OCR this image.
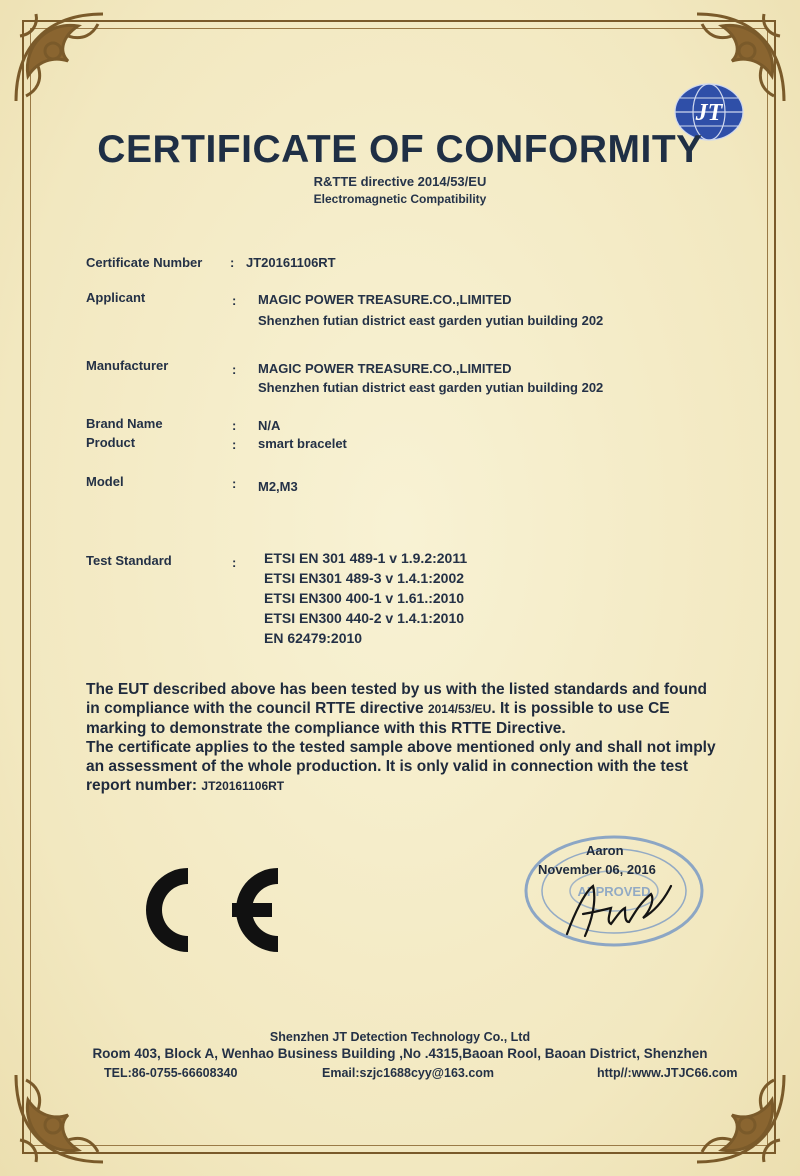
JT
CERTIFICATE OF CONFORMITY
R&TTE directive 2014/53/EU
Electromagnetic Compatibility
Certificate Number : JT20161106RT
Applicant	: MAGIC POWER TREASURE.CO.,LIMITED
Shenzhen futian district east garden yutian building 202
Manufacturer	: MAGIC POWER TREASURE.CO.,LIMITED
Shenzhen futian district east garden yutian building 202
Brand Name	: N/A
Product	: smart bracelet
Model	: M2,M3
Test Standard	: ETSI EN 301 489-1 v 1.9.2:2011
ETSI EN301 489-3 v 1.4.1:2002
ETSI EN300 400-1 v 1.61.:2010
ETSI EN300 440-2 v 1.4.1:2010
EN 62479:2010
The EUT described above has been tested by us with the listed standards and found
in compliance with the council RTTE directive 2014/53/EU. It is possible to use CE
marking to demonstrate the compliance with this RTTE Directive.
The certificate applies to the tested sample above mentioned only and shall not imply
an assessment of the whole production. It is only valid in connection with the test
report number: JT20161106RT
APPROVED
Aaron
November 06, 2016
Shenzhen JT Detection Technology Co., Ltd
Room 403, Block A, Wenhao Business Building ,No .4315,Baoan Rool, Baoan District, Shenzhen
TEL:86-0755-66608340	Email:szjc1688cyy@163.com	http//:www.JTJC66.com
